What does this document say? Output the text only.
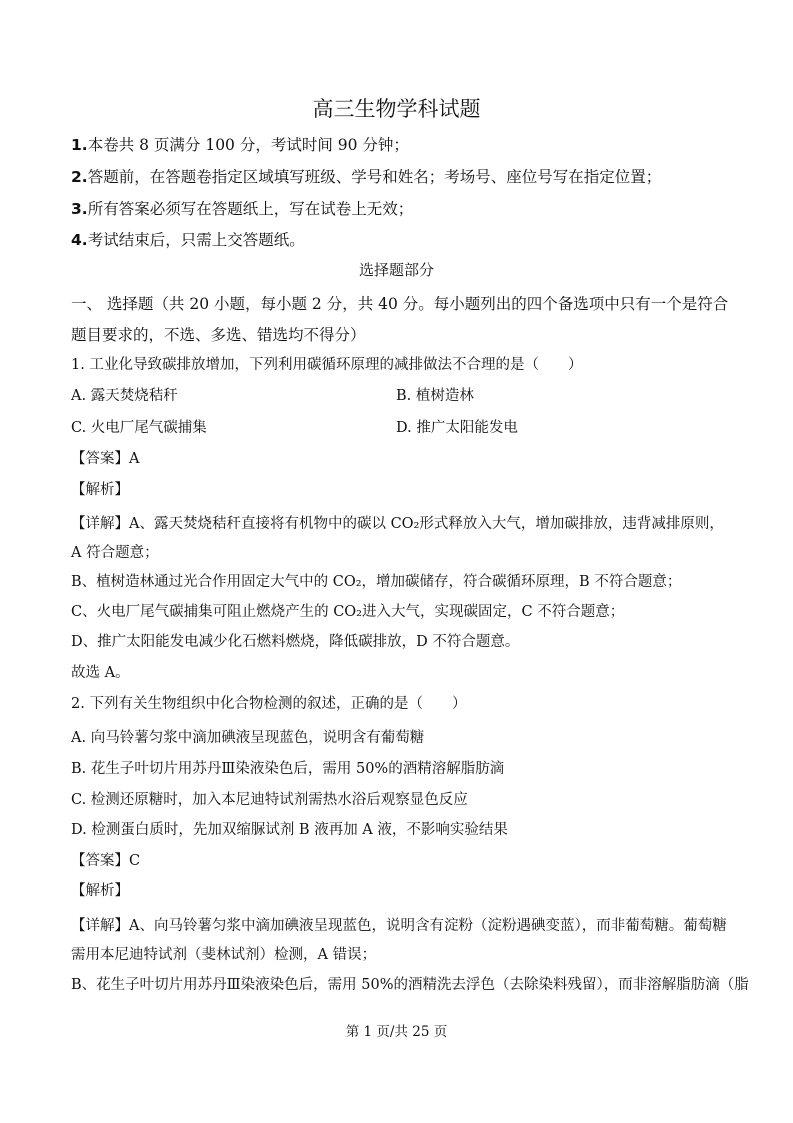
高三生物学科试题
1.本卷共 8 页满分 100 分，考试时间 90 分钟；
2.答题前，在答题卷指定区域填写班级、学号和姓名；考场号、座位号写在指定位置；
3.所有答案必须写在答题纸上，写在试卷上无效；
4.考试结束后，只需上交答题纸。
选择题部分
一、 选择题（共 20 小题，每小题 2 分，共 40 分。每小题列出的四个备选项中只有一个是符合题目要求的，不选、多选、错选均不得分）
1. 工业化导致碳排放增加，下列利用碳循环原理的减排做法不合理的是（　　）
A. 露天焚烧秸秆	B. 植树造林
C. 火电厂尾气碳捕集	D. 推广太阳能发电
【答案】A
【解析】
【详解】A、露天焚烧秸秆直接将有机物中的碳以 CO₂形式释放入大气，增加碳排放，违背减排原则，A 符合题意；
B、植树造林通过光合作用固定大气中的 CO₂，增加碳储存，符合碳循环原理，B 不符合题意；
C、火电厂尾气碳捕集可阻止燃烧产生的 CO₂进入大气，实现碳固定，C 不符合题意；
D、推广太阳能发电减少化石燃料燃烧，降低碳排放，D 不符合题意。
故选 A。
2. 下列有关生物组织中化合物检测的叙述，正确的是（　　）
A. 向马铃薯匀浆中滴加碘液呈现蓝色，说明含有葡萄糖
B. 花生子叶切片用苏丹Ⅲ染液染色后，需用 50%的酒精溶解脂肪滴
C. 检测还原糖时，加入本尼迪特试剂需热水浴后观察显色反应
D. 检测蛋白质时，先加双缩脲试剂 B 液再加 A 液，不影响实验结果
【答案】C
【解析】
【详解】A、向马铃薯匀浆中滴加碘液呈现蓝色，说明含有淀粉（淀粉遇碘变蓝），而非葡萄糖。葡萄糖需用本尼迪特试剂（斐林试剂）检测，A 错误；
B、花生子叶切片用苏丹Ⅲ染液染色后，需用 50%的酒精洗去浮色（去除染料残留），而非溶解脂肪滴（脂
第 1 页/共 25 页
